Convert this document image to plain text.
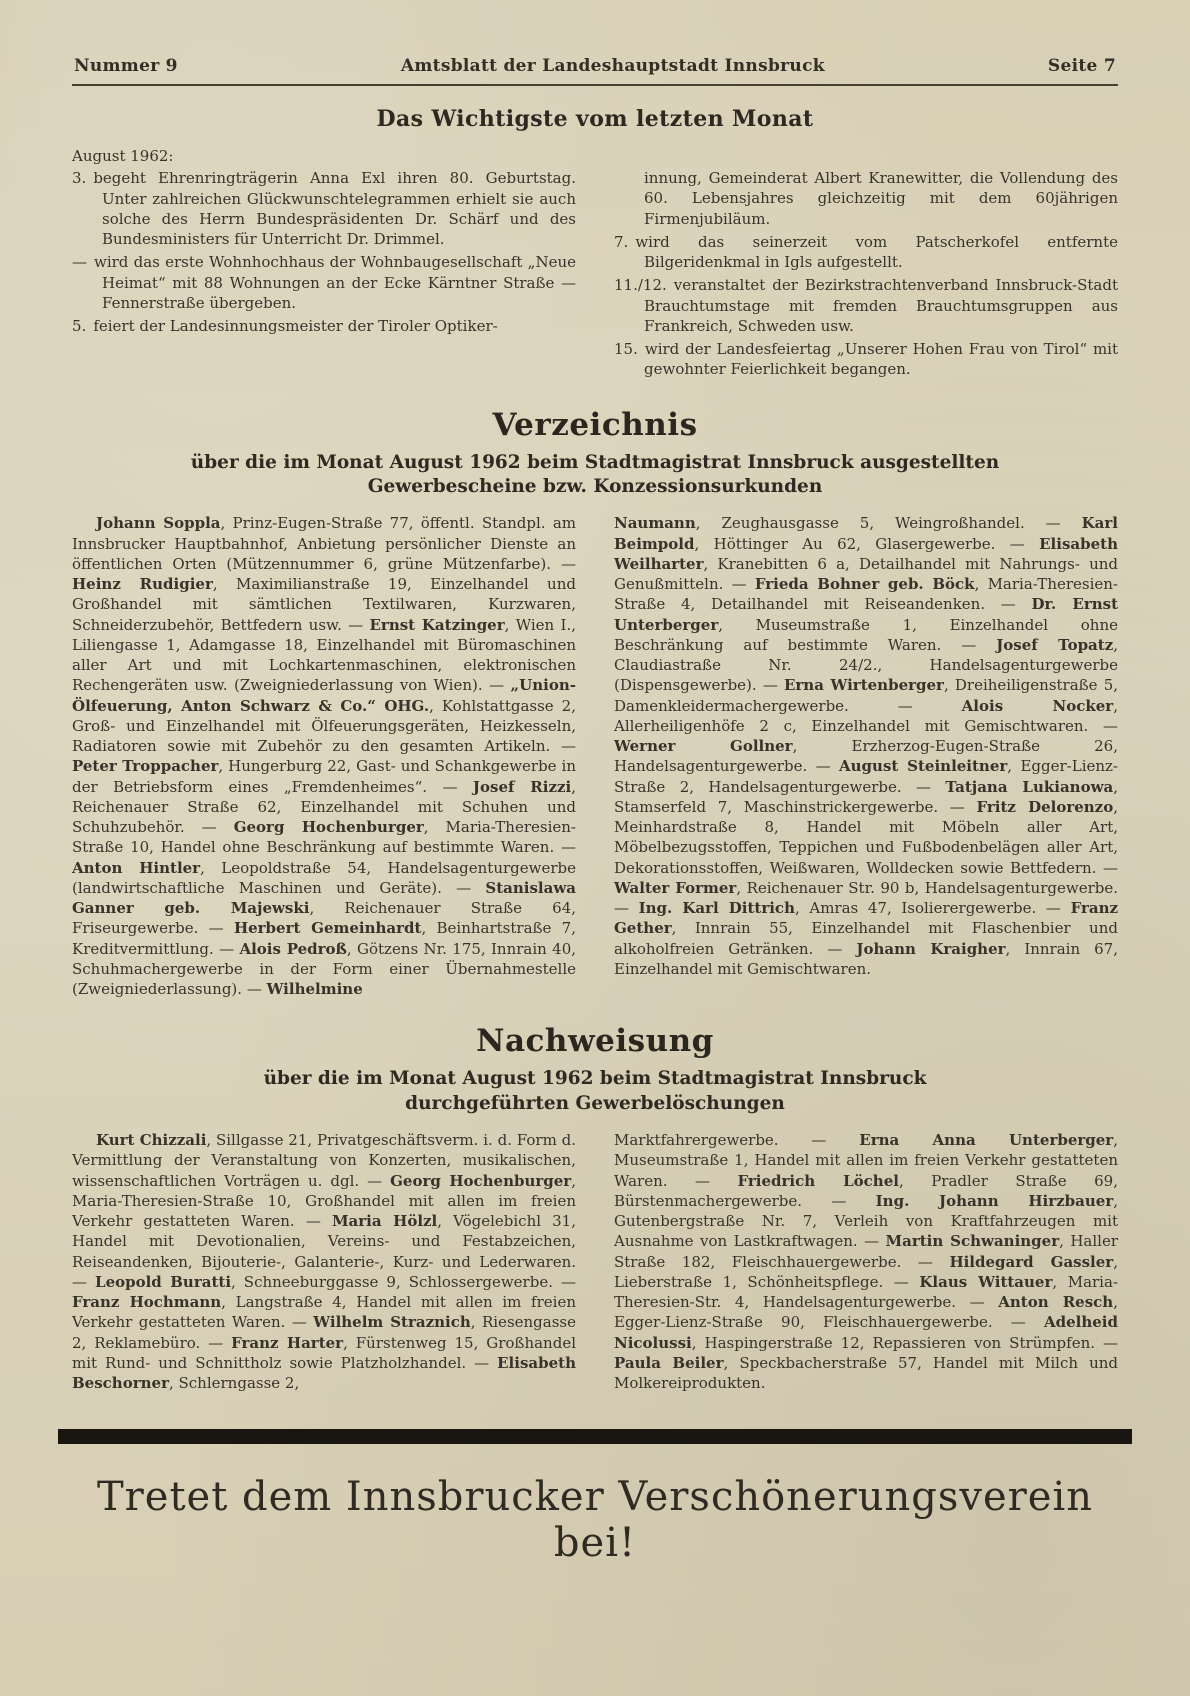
Nummer 9	Amtsblatt der Landeshauptstadt Innsbruck	Seite 7
Das Wichtigste vom letzten Monat

August 1962:

3. begeht Ehrenringträgerin Anna Exl ihren 80. Geburtstag. Unter zahlreichen Glückwunschtelegrammen erhielt sie auch solche des Herrn Bundespräsidenten Dr. Schärf und des Bundesministers für Unterricht Dr. Drimmel.

— wird das erste Wohnhochhaus der Wohnbaugesellschaft „Neue Heimat“ mit 88 Wohnungen an der Ecke Kärntner Straße — Fennerstraße übergeben.

5. feiert der Landesinnungsmeister der Tiroler Optiker-

innung, Gemeinderat Albert Kranewitter, die Vollendung des 60. Lebensjahres gleichzeitig mit dem 60jährigen Firmenjubiläum.

7. wird das seinerzeit vom Patscherkofel entfernte Bilgeridenkmal in Igls aufgestellt.

11./12. veranstaltet der Bezirkstrachtenverband Innsbruck-Stadt Brauchtumstage mit fremden Brauchtumsgruppen aus Frankreich, Schweden usw.

15. wird der Landesfeiertag „Unserer Hohen Frau von Tirol“ mit gewohnter Feierlichkeit begangen.

Verzeichnis

über die im Monat August 1962 beim Stadtmagistrat Innsbruck ausgestellten

Gewerbescheine bzw. Konzessionsurkunden

Johann Soppla, Prinz-Eugen-Straße 77, öffentl. Standpl. am Innsbrucker Hauptbahnhof, Anbietung persönlicher Dienste an öffentlichen Orten (Mützennummer 6, grüne Mützenfarbe). — Heinz Rudigier, Maximilianstraße 19, Einzelhandel und Großhandel mit sämtlichen Textilwaren, Kurzwaren, Schneiderzubehör, Bettfedern usw. — Ernst Katzinger, Wien I., Liliengasse 1, Adamgasse 18, Einzelhandel mit Büromaschinen aller Art und mit Lochkartenmaschinen, elektronischen Rechengeräten usw. (Zweigniederlassung von Wien). — „Union-Ölfeuerung, Anton Schwarz & Co.“ OHG., Kohlstattgasse 2, Groß- und Einzelhandel mit Ölfeuerungsgeräten, Heizkesseln, Radiatoren sowie mit Zubehör zu den gesamten Artikeln. — Peter Troppacher, Hungerburg 22, Gast- und Schankgewerbe in der Betriebsform eines „Fremdenheimes“. — Josef Rizzi, Reichenauer Straße 62, Einzelhandel mit Schuhen und Schuhzubehör. — Georg Hochenburger, Maria-Theresien-Straße 10, Handel ohne Beschränkung auf bestimmte Waren. — Anton Hintler, Leopoldstraße 54, Handelsagenturgewerbe (landwirtschaftliche Maschinen und Geräte). — Stanislawa Ganner geb. Majewski, Reichenauer Straße 64, Friseurgewerbe. — Herbert Gemeinhardt, Beinhartstraße 7, Kreditvermittlung. — Alois Pedroß, Götzens Nr. 175, Innrain 40, Schuhmachergewerbe in der Form einer Übernahmestelle (Zweigniederlassung). — Wilhelmine

Naumann, Zeughausgasse 5, Weingroßhandel. — Karl Beimpold, Höttinger Au 62, Glasergewerbe. — Elisabeth Weilharter, Kranebitten 6 a, Detailhandel mit Nahrungs- und Genußmitteln. — Frieda Bohner geb. Böck, Maria-Theresien-Straße 4, Detailhandel mit Reiseandenken. — Dr. Ernst Unterberger, Museumstraße 1, Einzelhandel ohne Beschränkung auf bestimmte Waren. — Josef Topatz, Claudiastraße Nr. 24/2., Handelsagenturgewerbe (Dispensgewerbe). — Erna Wirtenberger, Dreiheiligenstraße 5, Damenkleidermachergewerbe. — Alois Nocker, Allerheiligenhöfe 2 c, Einzelhandel mit Gemischtwaren. — Werner Gollner, Erzherzog-Eugen-Straße 26, Handelsagenturgewerbe. — August Steinleitner, Egger-Lienz-Straße 2, Handelsagenturgewerbe. — Tatjana Lukianowa, Stamserfeld 7, Maschinstrickergewerbe. — Fritz Delorenzo, Meinhardstraße 8, Handel mit Möbeln aller Art, Möbelbezugsstoffen, Teppichen und Fußbodenbelägen aller Art, Dekorationsstoffen, Weißwaren, Wolldecken sowie Bettfedern. — Walter Former, Reichenauer Str. 90 b, Handelsagenturgewerbe. — Ing. Karl Dittrich, Amras 47, Isolierergewerbe. — Franz Gether, Innrain 55, Einzelhandel mit Flaschenbier und alkoholfreien Getränken. — Johann Kraigher, Innrain 67, Einzelhandel mit Gemischtwaren.

Nachweisung

über die im Monat August 1962 beim Stadtmagistrat Innsbruck

durchgeführten Gewerbelöschungen

Kurt Chizzali, Sillgasse 21, Privatgeschäftsverm. i. d. Form d. Vermittlung der Veranstaltung von Konzerten, musikalischen, wissenschaftlichen Vorträgen u. dgl. — Georg Hochenburger, Maria-Theresien-Straße 10, Großhandel mit allen im freien Verkehr gestatteten Waren. — Maria Hölzl, Vögelebichl 31, Handel mit Devotionalien, Vereins- und Festabzeichen, Reiseandenken, Bijouterie-, Galanterie-, Kurz- und Lederwaren. — Leopold Buratti, Schneeburggasse 9, Schlossergewerbe. — Franz Hochmann, Langstraße 4, Handel mit allen im freien Verkehr gestatteten Waren. — Wilhelm Straznich, Riesengasse 2, Reklamebüro. — Franz Harter, Fürstenweg 15, Großhandel mit Rund- und Schnittholz sowie Platzholzhandel. — Elisabeth Beschorner, Schlerngasse 2,

Marktfahrergewerbe. — Erna Anna Unterberger, Museumstraße 1, Handel mit allen im freien Verkehr gestatteten Waren. — Friedrich Löchel, Pradler Straße 69, Bürstenmachergewerbe. — Ing. Johann Hirzbauer, Gutenbergstraße Nr. 7, Verleih von Kraftfahrzeugen mit Ausnahme von Lastkraftwagen. — Martin Schwaninger, Haller Straße 182, Fleischhauergewerbe. — Hildegard Gassler, Lieberstraße 1, Schönheitspflege. — Klaus Wittauer, Maria-Theresien-Str. 4, Handelsagenturgewerbe. — Anton Resch, Egger-Lienz-Straße 90, Fleischhauergewerbe. — Adelheid Nicolussi, Haspingerstraße 12, Repassieren von Strümpfen. — Paula Beiler, Speckbacherstraße 57, Handel mit Milch und Molkereiprodukten.

Tretet dem Innsbrucker Verschönerungsverein bei!
